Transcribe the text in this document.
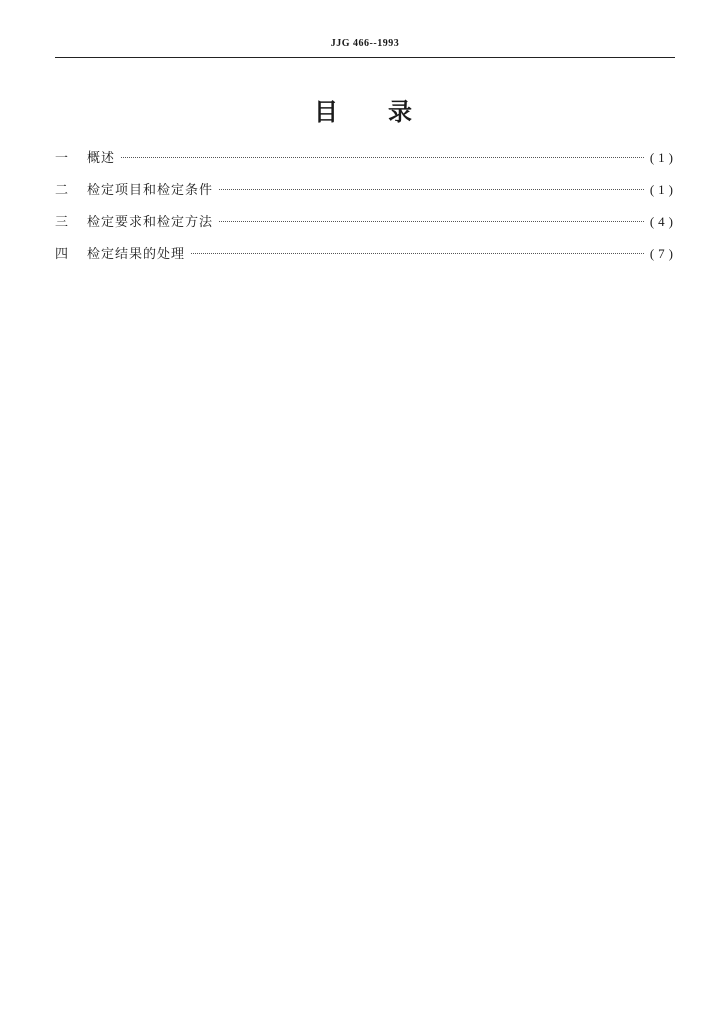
JJG 466--1993
目录
一	概述	(1)
二	检定项目和检定条件	(1)
三	检定要求和检定方法	(4)
四	检定结果的处理	(7)
